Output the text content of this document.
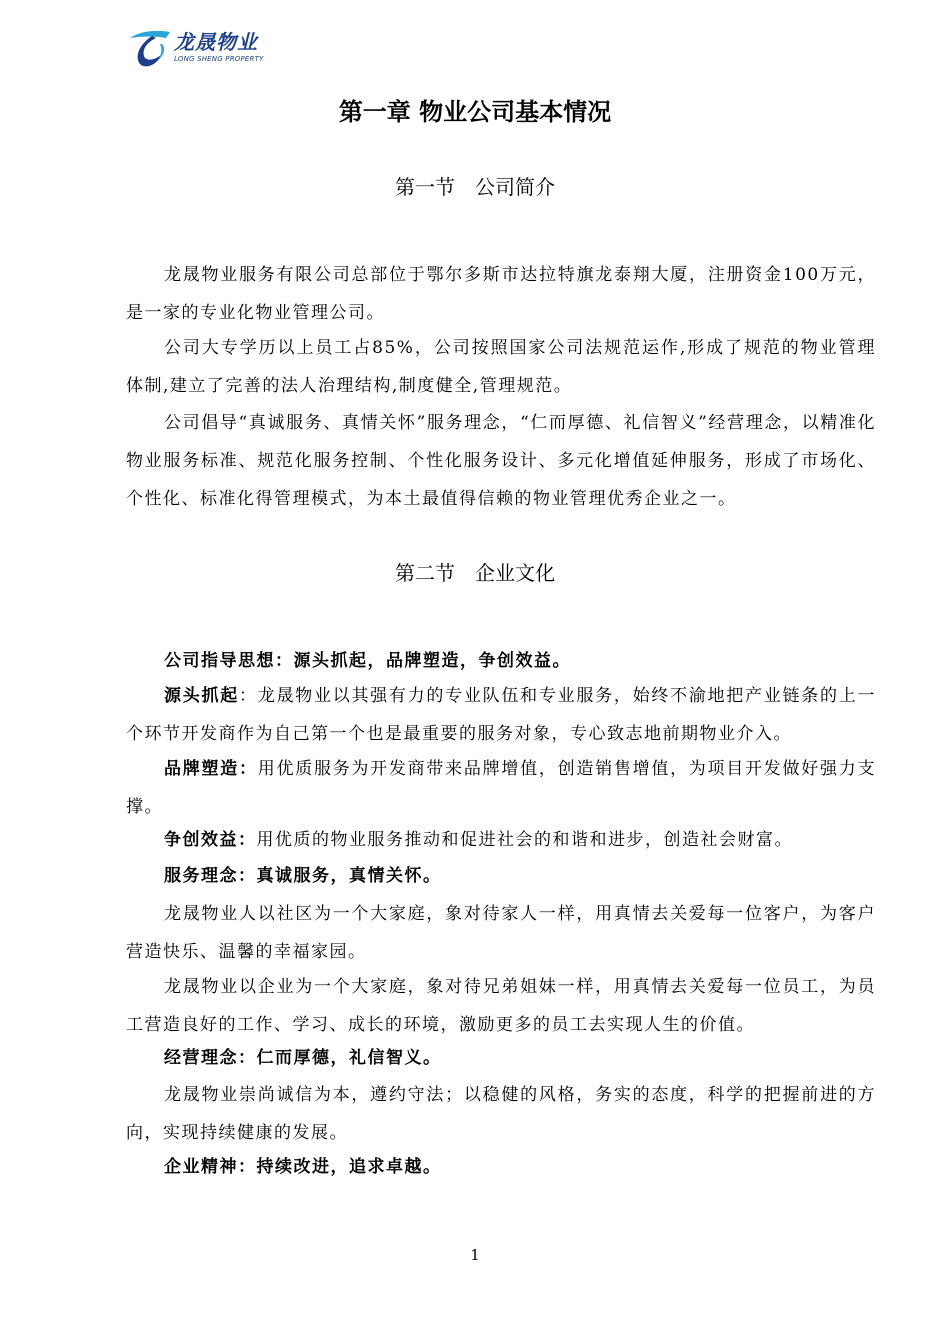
龙晟物业
LONG SHENG PROPERTY
第一章 物业公司基本情况
第一节　公司简介

龙晟物业服务有限公司总部位于鄂尔多斯市达拉特旗龙泰翔大厦，注册资金100万元，是一家的专业化物业管理公司。

公司大专学历以上员工占85%，公司按照国家公司法规范运作,形成了规范的物业管理体制,建立了完善的法人治理结构,制度健全,管理规范。

公司倡导“真诚服务、真情关怀”服务理念，“仁而厚德、礼信智义”经营理念，以精准化物业服务标准、规范化服务控制、个性化服务设计、多元化增值延伸服务，形成了市场化、个性化、标准化得管理模式，为本土最值得信赖的物业管理优秀企业之一。

第二节　企业文化

公司指导思想：源头抓起，品牌塑造，争创效益。

源头抓起：龙晟物业以其强有力的专业队伍和专业服务，始终不渝地把产业链条的上一个环节开发商作为自己第一个也是最重要的服务对象，专心致志地前期物业介入。

品牌塑造：用优质服务为开发商带来品牌增值，创造销售增值，为项目开发做好强力支撑。

争创效益：用优质的物业服务推动和促进社会的和谐和进步，创造社会财富。

服务理念：真诚服务，真情关怀。

龙晟物业人以社区为一个大家庭，象对待家人一样，用真情去关爱每一位客户，为客户营造快乐、温馨的幸福家园。

龙晟物业以企业为一个大家庭，象对待兄弟姐妹一样，用真情去关爱每一位员工，为员工营造良好的工作、学习、成长的环境，激励更多的员工去实现人生的价值。

经营理念：仁而厚德，礼信智义。

龙晟物业崇尚诚信为本，遵约守法；以稳健的风格，务实的态度，科学的把握前进的方向，实现持续健康的发展。

企业精神：持续改进，追求卓越。

1
